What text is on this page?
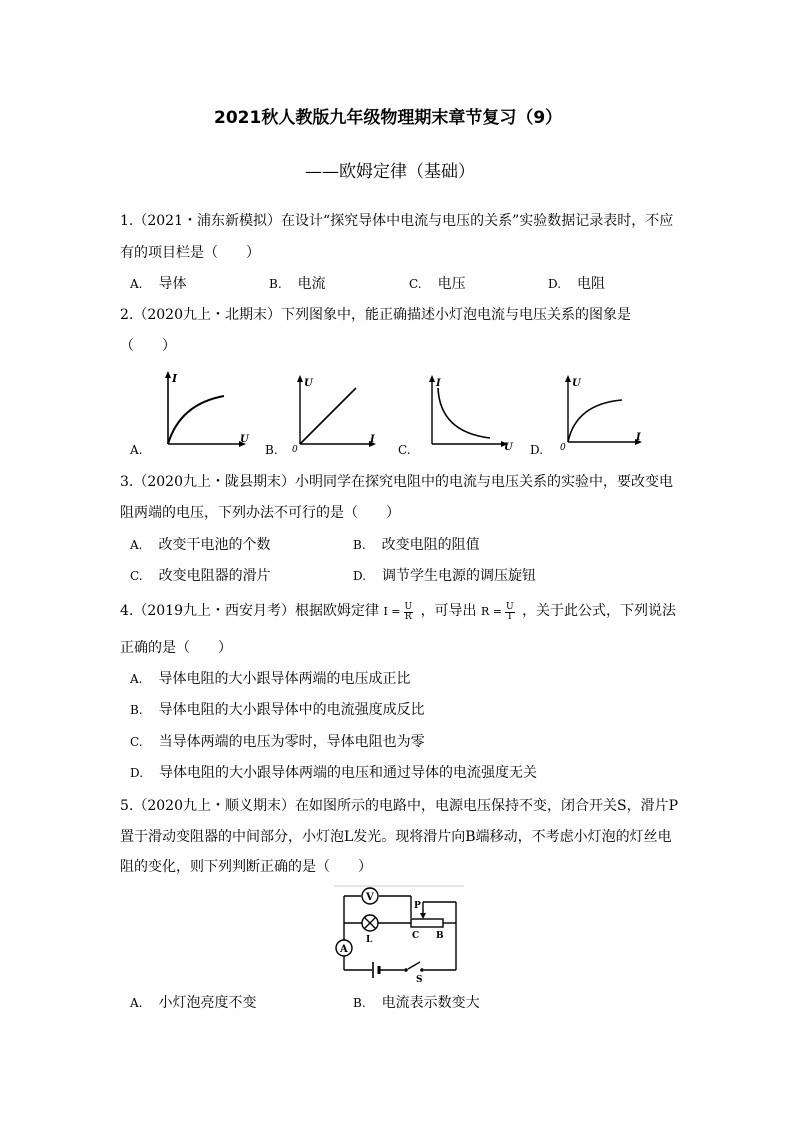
2021秋人教版九年级物理期末章节复习（9）
——欧姆定律（基础）
1.（2021・浦东新模拟）在设计“探究导体中电流与电压的关系”实验数据记录表时，不应
有的项目栏是（　　）
A. 导体	B. 电流	C. 电压	D. 电阻
2.（2020九上・北期末）下列图象中，能正确描述小灯泡电流与电压关系的图象是
（　　）
A.
I
U
B.
U
I
0	C.
I
U D.
U
I
0
3.（2020九上・陇县期末）小明同学在探究电阻中的电流与电压关系的实验中，要改变电
阻两端的电压，下列办法不可行的是（　　）
A. 改变干电池的个数	B. 改变电阻的阻值
C. 改变电阻器的滑片	D. 调节学生电源的调压旋钮
4.（2019九上・西安月考）根据欧姆定律 $I = \frac{U}{R}$ ，可导出 $R = \frac{U}{I}$ ，关于此公式，下列说法
正确的是（　　）
A. 导体电阻的大小跟导体两端的电压成正比
B. 导体电阻的大小跟导体中的电流强度成反比
C. 当导体两端的电压为零时，导体电阻也为零
D. 导体电阻的大小跟导体两端的电压和通过导体的电流强度无关
5.（2020九上・顺义期末）在如图所示的电路中，电源电压保持不变，闭合开关S，滑片P
置于滑动变阻器的中间部分，小灯泡L发光。现将滑片向B端移动，不考虑小灯泡的灯丝电
阻的变化，则下列判断正确的是（　　）
V
P
C B
L
A
S
A. 小灯泡亮度不变	B. 电流表示数变大
